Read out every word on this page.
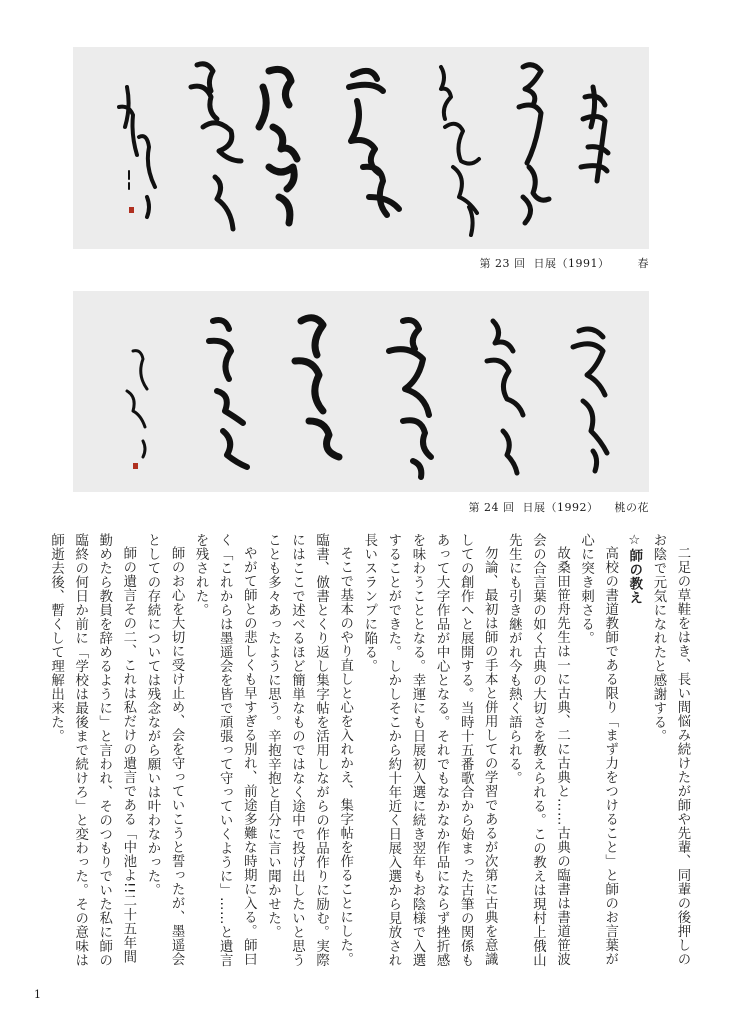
第 23 回  日展（1991）       春
第 24 回  日展（1992）    桃の花

二足の草鞋をはき、長い間悩み続けたが師や先輩、同輩の後押しのお陰で元気になれたと感謝する。

☆師の教え

高校の書道教師である限り「まず力をつけること」と師のお言葉が心に突き刺さる。

故桑田笹舟先生は一に古典、二に古典と……古典の臨書は書道笹波会の合言葉の如く古典の大切さを教えられる。この教えは現村上俄山先生にも引き継がれ今も熱く語られる。

勿論、最初は師の手本と併用しての学習であるが次第に古典を意識しての創作へと展開する。当時十五番歌合から始まった古筆の関係もあって大字作品が中心となる。それでもなかなか作品にならず挫折感を味わうこととなる。幸運にも日展初入選に続き翌年もお陰様で入選することができた。しかしそこから約十年近く日展入選から見放され長いスランプに陥る。

そこで基本のやり直しと心を入れかえ、集字帖を作ることにした。臨書、倣書とくり返し集字帖を活用しながらの作品作りに励む。実際にはここで述べるほど簡単なものではなく途中で投げ出したいと思うことも多々あったように思う。辛抱辛抱と自分に言い聞かせた。

やがて師との悲しくも早すぎる別れ、前途多難な時期に入る。師曰く「これからは墨遥会を皆で頑張って守っていくように」……と遺言を残された。

師のお心を大切に受け止め、会を守っていこうと誓ったが、墨遥会としての存続については残念ながら願いは叶わなかった。

師の遺言その二、これは私だけの遺言である「中池よ!!二十五年間勤めたら教員を辞めるように」と言われ、そのつもりでいた私に師の臨終の何日か前に「学校は最後まで続けろ」と変わった。その意味は師逝去後、暫くして理解出来た。

1
